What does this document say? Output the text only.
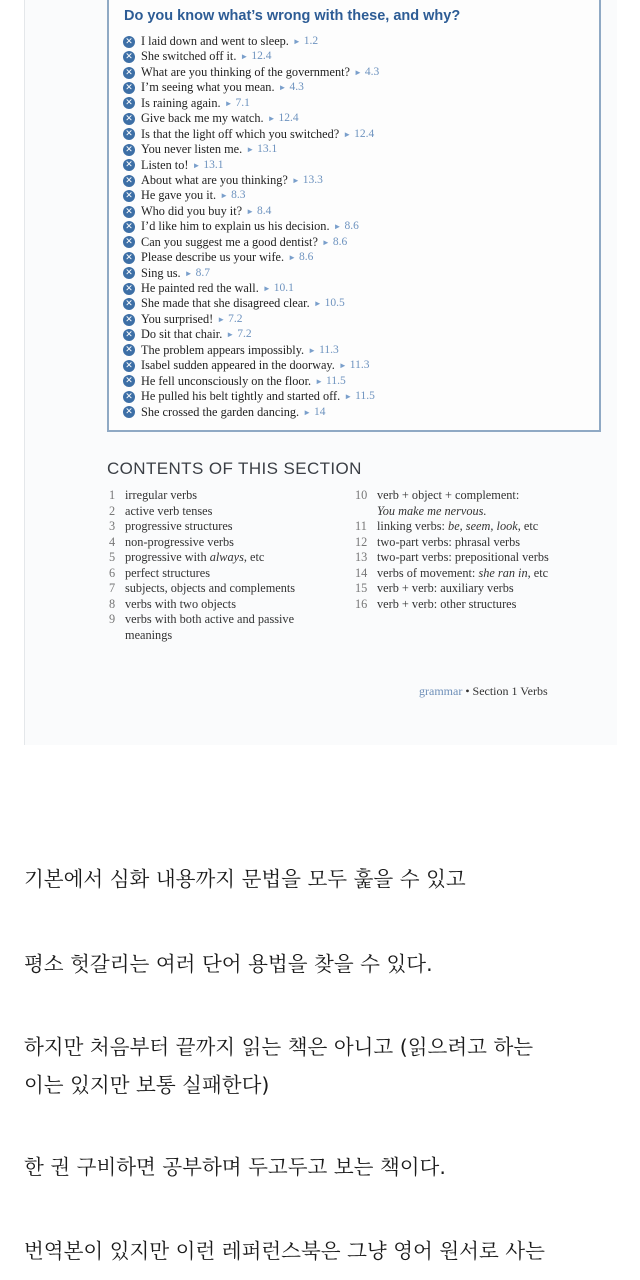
Do you know what’s wrong with these, and why?
✕ I laid down and went to sleep. ► 1.2
✕ She switched off it. ► 12.4
✕ What are you thinking of the government? ► 4.3
✕ I’m seeing what you mean. ► 4.3
✕ Is raining again. ► 7.1
✕ Give back me my watch. ► 12.4
✕ Is that the light off which you switched? ► 12.4
✕ You never listen me. ► 13.1
✕ Listen to! ► 13.1
✕ About what are you thinking? ► 13.3
✕ He gave you it. ► 8.3
✕ Who did you buy it? ► 8.4
✕ I’d like him to explain us his decision. ► 8.6
✕ Can you suggest me a good dentist? ► 8.6
✕ Please describe us your wife. ► 8.6
✕ Sing us. ► 8.7
✕ He painted red the wall. ► 10.1
✕ She made that she disagreed clear. ► 10.5
✕ You surprised! ► 7.2
✕ Do sit that chair. ► 7.2
✕ The problem appears impossibly. ► 11.3
✕ Isabel sudden appeared in the doorway. ► 11.3
✕ He fell unconsciously on the floor. ► 11.5
✕ He pulled his belt tightly and started off. ► 11.5
✕ She crossed the garden dancing. ► 14
CONTENTS OF THIS SECTION
1 irregular verbs
2 active verb tenses
3 progressive structures
4 non-progressive verbs
5 progressive with always, etc
6 perfect structures
7 subjects, objects and complements
8 verbs with two objects
9 verbs with both active and passive meanings
10 verb + object + complement:
You make me nervous.
11 linking verbs: be, seem, look, etc
12 two-part verbs: phrasal verbs
13 two-part verbs: prepositional verbs
14 verbs of movement: she ran in, etc
15 verb + verb: auxiliary verbs
16 verb + verb: other structures
grammar • Section 1 Verbs

기본에서 심화 내용까지 문법을 모두 훑을 수 있고

평소 헛갈리는 여러 단어 용법을 찾을 수 있다.

하지만 처음부터 끝까지 읽는 책은 아니고 (읽으려고 하는
이는 있지만 보통 실패한다)

한 권 구비하면 공부하며 두고두고 보는 책이다.

번역본이 있지만 이런 레퍼런스북은 그냥 영어 원서로 사는
